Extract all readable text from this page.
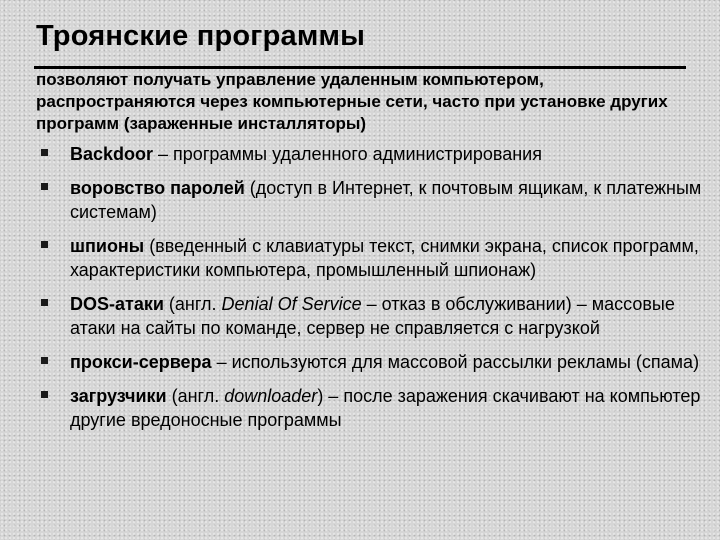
Троянские программы
позволяют получать управление удаленным компьютером, распространяются через компьютерные сети, часто при установке других программ (зараженные инсталляторы)
Backdoor – программы удаленного администрирования
воровство паролей (доступ в Интернет, к почтовым ящикам, к платежным системам)
шпионы (введенный с клавиатуры текст, снимки экрана, список программ, характеристики компьютера, промышленный шпионаж)
DOS-атаки (англ. Denial Of Service – отказ в обслуживании) – массовые атаки на сайты по команде, сервер не справляется с нагрузкой
прокси-сервера – используются для массовой рассылки рекламы (спама)
загрузчики (англ. downloader) – после заражения скачивают на компьютер другие вредоносные программы
